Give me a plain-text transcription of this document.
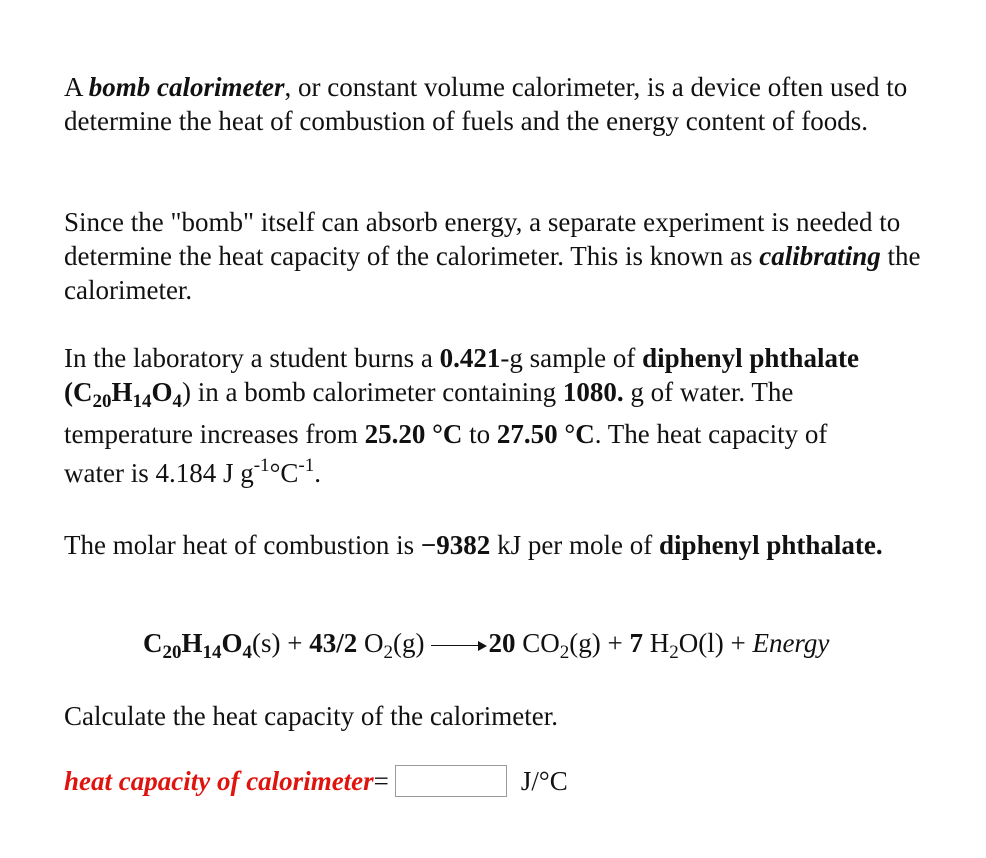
A bomb calorimeter, or constant volume calorimeter, is a device often used to determine the heat of combustion of fuels and the energy content of foods.

Since the "bomb" itself can absorb energy, a separate experiment is needed to determine the heat capacity of the calorimeter. This is known as calibrating the calorimeter.

In the laboratory a student burns a 0.421-g sample of diphenyl phthalate
$(C_{20}H_{14}O_4)$ in a bomb calorimeter containing 1080. g of water. The
temperature increases from 25.20 °C to 27.50 °C. The heat capacity of
water is 4.184 J $g^{-1}^\circ C^{-1}$.

The molar heat of combustion is −9382 kJ per mole of diphenyl phthalate.

$C_{20}H_{14}O_4(s) + 43/2$ $O_2(g)$ 20 $CO_2(g) + 7$ $H_2O(l)$ + Energy

Calculate the heat capacity of the calorimeter.

heat capacity of calorimeter =	J/°C
